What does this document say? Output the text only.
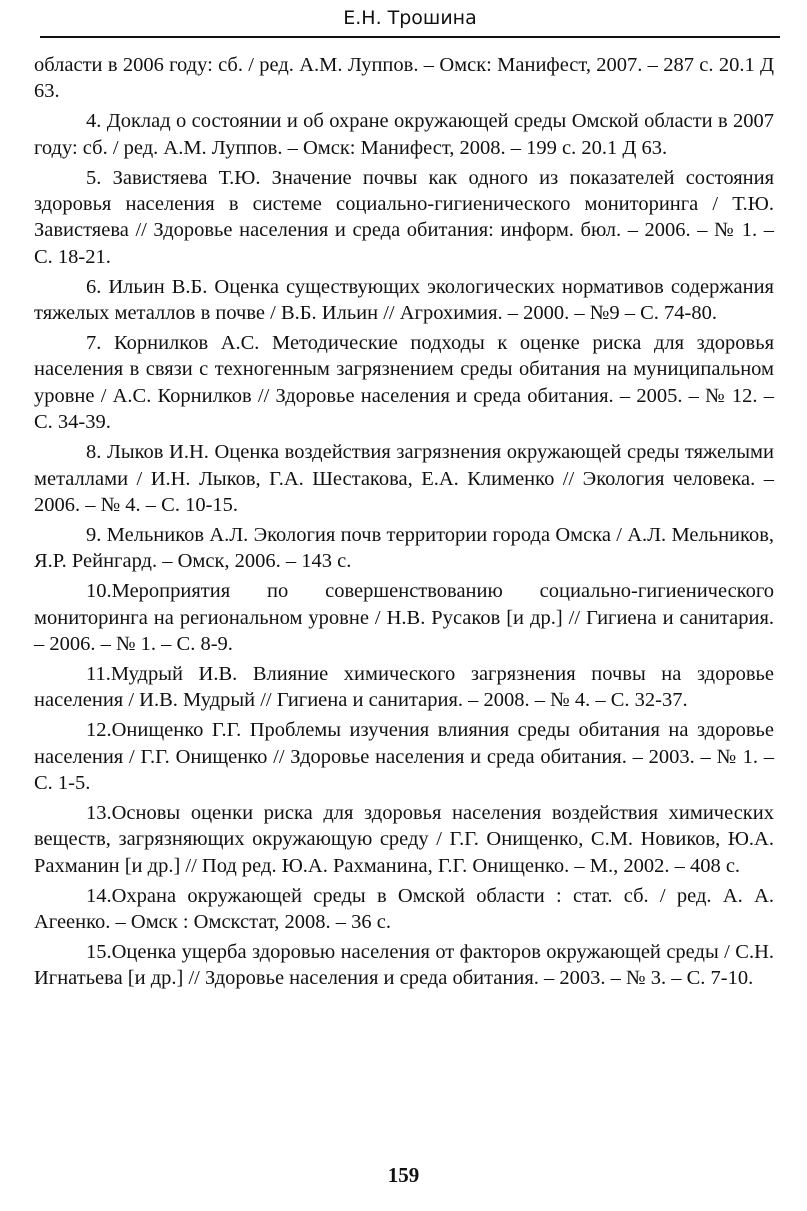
Е.Н. Трошина

области в 2006 году: сб. / ред. А.М. Луппов. – Омск: Манифест, 2007. – 287 с. 20.1 Д 63.

4. Доклад о состоянии и об охране окружающей среды Омской области в 2007 году: сб. / ред. А.М. Луппов. – Омск: Манифест, 2008. – 199 с. 20.1 Д 63.

5. Завистяева Т.Ю. Значение почвы как одного из показателей состояния здоровья населения в системе социально-гигиенического мониторинга / Т.Ю. Завистяева // Здоровье населения и среда обитания: информ. бюл. – 2006. – № 1. – С. 18-21.

6. Ильин В.Б. Оценка существующих экологических нормативов содержания тяжелых металлов в почве / В.Б. Ильин // Агрохимия. – 2000. – №9 – С. 74-80.

7. Корнилков А.С. Методические подходы к оценке риска для здоровья населения в связи с техногенным загрязнением среды обитания на муниципальном уровне / А.С. Корнилков // Здоровье населения и среда обитания. – 2005. – № 12. – С. 34-39.

8. Лыков И.Н. Оценка воздействия загрязнения окружающей среды тяжелыми металлами / И.Н. Лыков, Г.А. Шестакова, Е.А. Клименко // Экология человека. – 2006. – № 4. – С. 10-15.

9. Мельников А.Л. Экология почв территории города Омска / А.Л. Мельников, Я.Р. Рейнгард. – Омск, 2006. – 143 с.

10.Мероприятия по совершенствованию социально-гигиенического мониторинга на региональном уровне / Н.В. Русаков [и др.] // Гигиена и санитария. – 2006. – № 1. – С. 8-9.

11.Мудрый И.В. Влияние химического загрязнения почвы на здоровье населения / И.В. Мудрый // Гигиена и санитария. – 2008. – № 4. – С. 32-37.

12.Онищенко Г.Г. Проблемы изучения влияния среды обитания на здоровье населения / Г.Г. Онищенко // Здоровье населения и среда обитания. – 2003. – № 1. – С. 1-5.

13.Основы оценки риска для здоровья населения воздействия химических веществ, загрязняющих окружающую среду / Г.Г. Онищенко, С.М. Новиков, Ю.А. Рахманин [и др.] // Под ред. Ю.А. Рахманина, Г.Г. Онищенко. – М., 2002. – 408 с.

14.Охрана окружающей среды в Омской области : стат. сб. / ред. А. А. Агеенко. – Омск : Омскстат, 2008. – 36 с.

15.Оценка ущерба здоровью населения от факторов окружающей среды / С.Н. Игнатьева [и др.] // Здоровье населения и среда обитания. – 2003. – № 3. – С. 7-10.

159
